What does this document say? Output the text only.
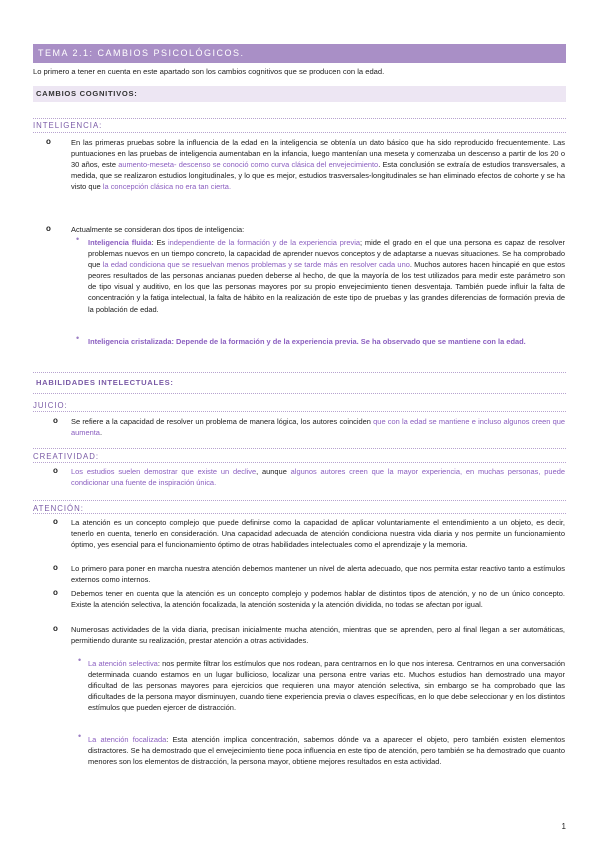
TEMA 2.1: CAMBIOS PSICOLÓGICOS.
Lo primero a tener en cuenta en este apartado son los cambios cognitivos que se producen con la edad.
CAMBIOS COGNITIVOS:
INTELIGENCIA:
o	En las primeras pruebas sobre la influencia de la edad en la inteligencia se obtenía un dato básico que ha sido reproducido frecuentemente. Las puntuaciones en las pruebas de inteligencia aumentaban en la infancia, luego mantenían una meseta y comenzaba un descenso a partir de los 20 o 30 años, este aumento-meseta- descenso se conoció como curva clásica del envejecimiento. Esta conclusión se extraía de estudios transversales, a medida, que se realizaron estudios longitudinales, y lo que es mejor, estudios trasversales-longitudinales se han eliminado efectos de cohorte y se ha visto que la concepción clásica no era tan cierta.

o	Actualmente se consideran dos tipos de inteligencia:
• Inteligencia fluida: Es independiente de la formación y de la experiencia previa; mide el grado en el que una persona es capaz de resolver problemas nuevos en un tiempo concreto, la capacidad de aprender nuevos conceptos y de adaptarse a nuevas situaciones. Se ha comprobado que la edad condiciona que se resuelvan menos problemas y se tarde más en resolver cada uno. Muchos autores hacen hincapié en que estos peores resultados de las personas ancianas pueden deberse al hecho, de que la mayoría de los test utilizados para medir este parámetro son de tipo visual y auditivo, en los que las personas mayores por su propio envejecimiento tienen desventaja. También puede influir la falta de concentración y la fatiga intelectual, la falta de hábito en la realización de este tipo de pruebas y las grandes diferencias de formación previa de la población de edad.

• Inteligencia cristalizada: Depende de la formación y de la experiencia previa. Se ha observado que se mantiene con la edad.
HABILIDADES INTELECTUALES:
JUICIO:
o Se refiere a la capacidad de resolver un problema de manera lógica, los autores coinciden que con la edad se mantiene e incluso algunos creen que aumenta.

CREATIVIDAD:
o Los estudios suelen demostrar que existe un declive, aunque algunos autores creen que la mayor experiencia, en muchas personas, puede condicionar una fuente de inspiración única.

ATENCIÓN:
o La atención es un concepto complejo que puede definirse como la capacidad de aplicar voluntariamente el entendimiento a un objeto, es decir, tenerlo en cuenta, tenerlo en consideración. Una capacidad adecuada de atención condiciona nuestra vida diaria y nos permite un funcionamiento óptimo, yes esencial para el funcionamiento óptimo de otras habilidades intelectuales como el aprendizaje y la memoria.
o Lo primero para poner en marcha nuestra atención debemos mantener un nivel de alerta adecuado, que nos permita estar reactivo tanto a estímulos externos como internos.
o Debemos tener en cuenta que la atención es un concepto complejo y podemos hablar de distintos tipos de atención, y no de un único concepto. Existe la atención selectiva, la atención focalizada, la atención sostenida y la atención dividida, no todas se afectan por igual.
o Numerosas actividades de la vida diaria, precisan inicialmente mucha atención, mientras que se aprenden, pero al final llegan a ser automáticas, permitiendo durante su realización, prestar atención a otras actividades.
• La atención selectiva: nos permite filtrar los estímulos que nos rodean, para centrarnos en lo que nos interesa. Centrarnos en una conversación determinada cuando estamos en un lugar bullicioso, localizar una persona entre varias etc. Muchos estudios han demostrado una mayor dificultad de las personas mayores para ejercicios que requieren una mayor atención selectiva, sin embargo se ha comprobado que las dificultades de la persona mayor disminuyen, cuando tiene experiencia previa o claves específicas, en lo que debe seleccionar y en los distintos estímulos que pueden ejercer de distracción.

• La atención focalizada: Esta atención implica concentración, sabemos dónde va a aparecer el objeto, pero también existen elementos distractores. Se ha demostrado que el envejecimiento tiene poca influencia en este tipo de atención, pero también se ha demostrado que cuanto menores son los elementos de distracción, la persona mayor, obtiene mejores resultados en esta actividad.

1
